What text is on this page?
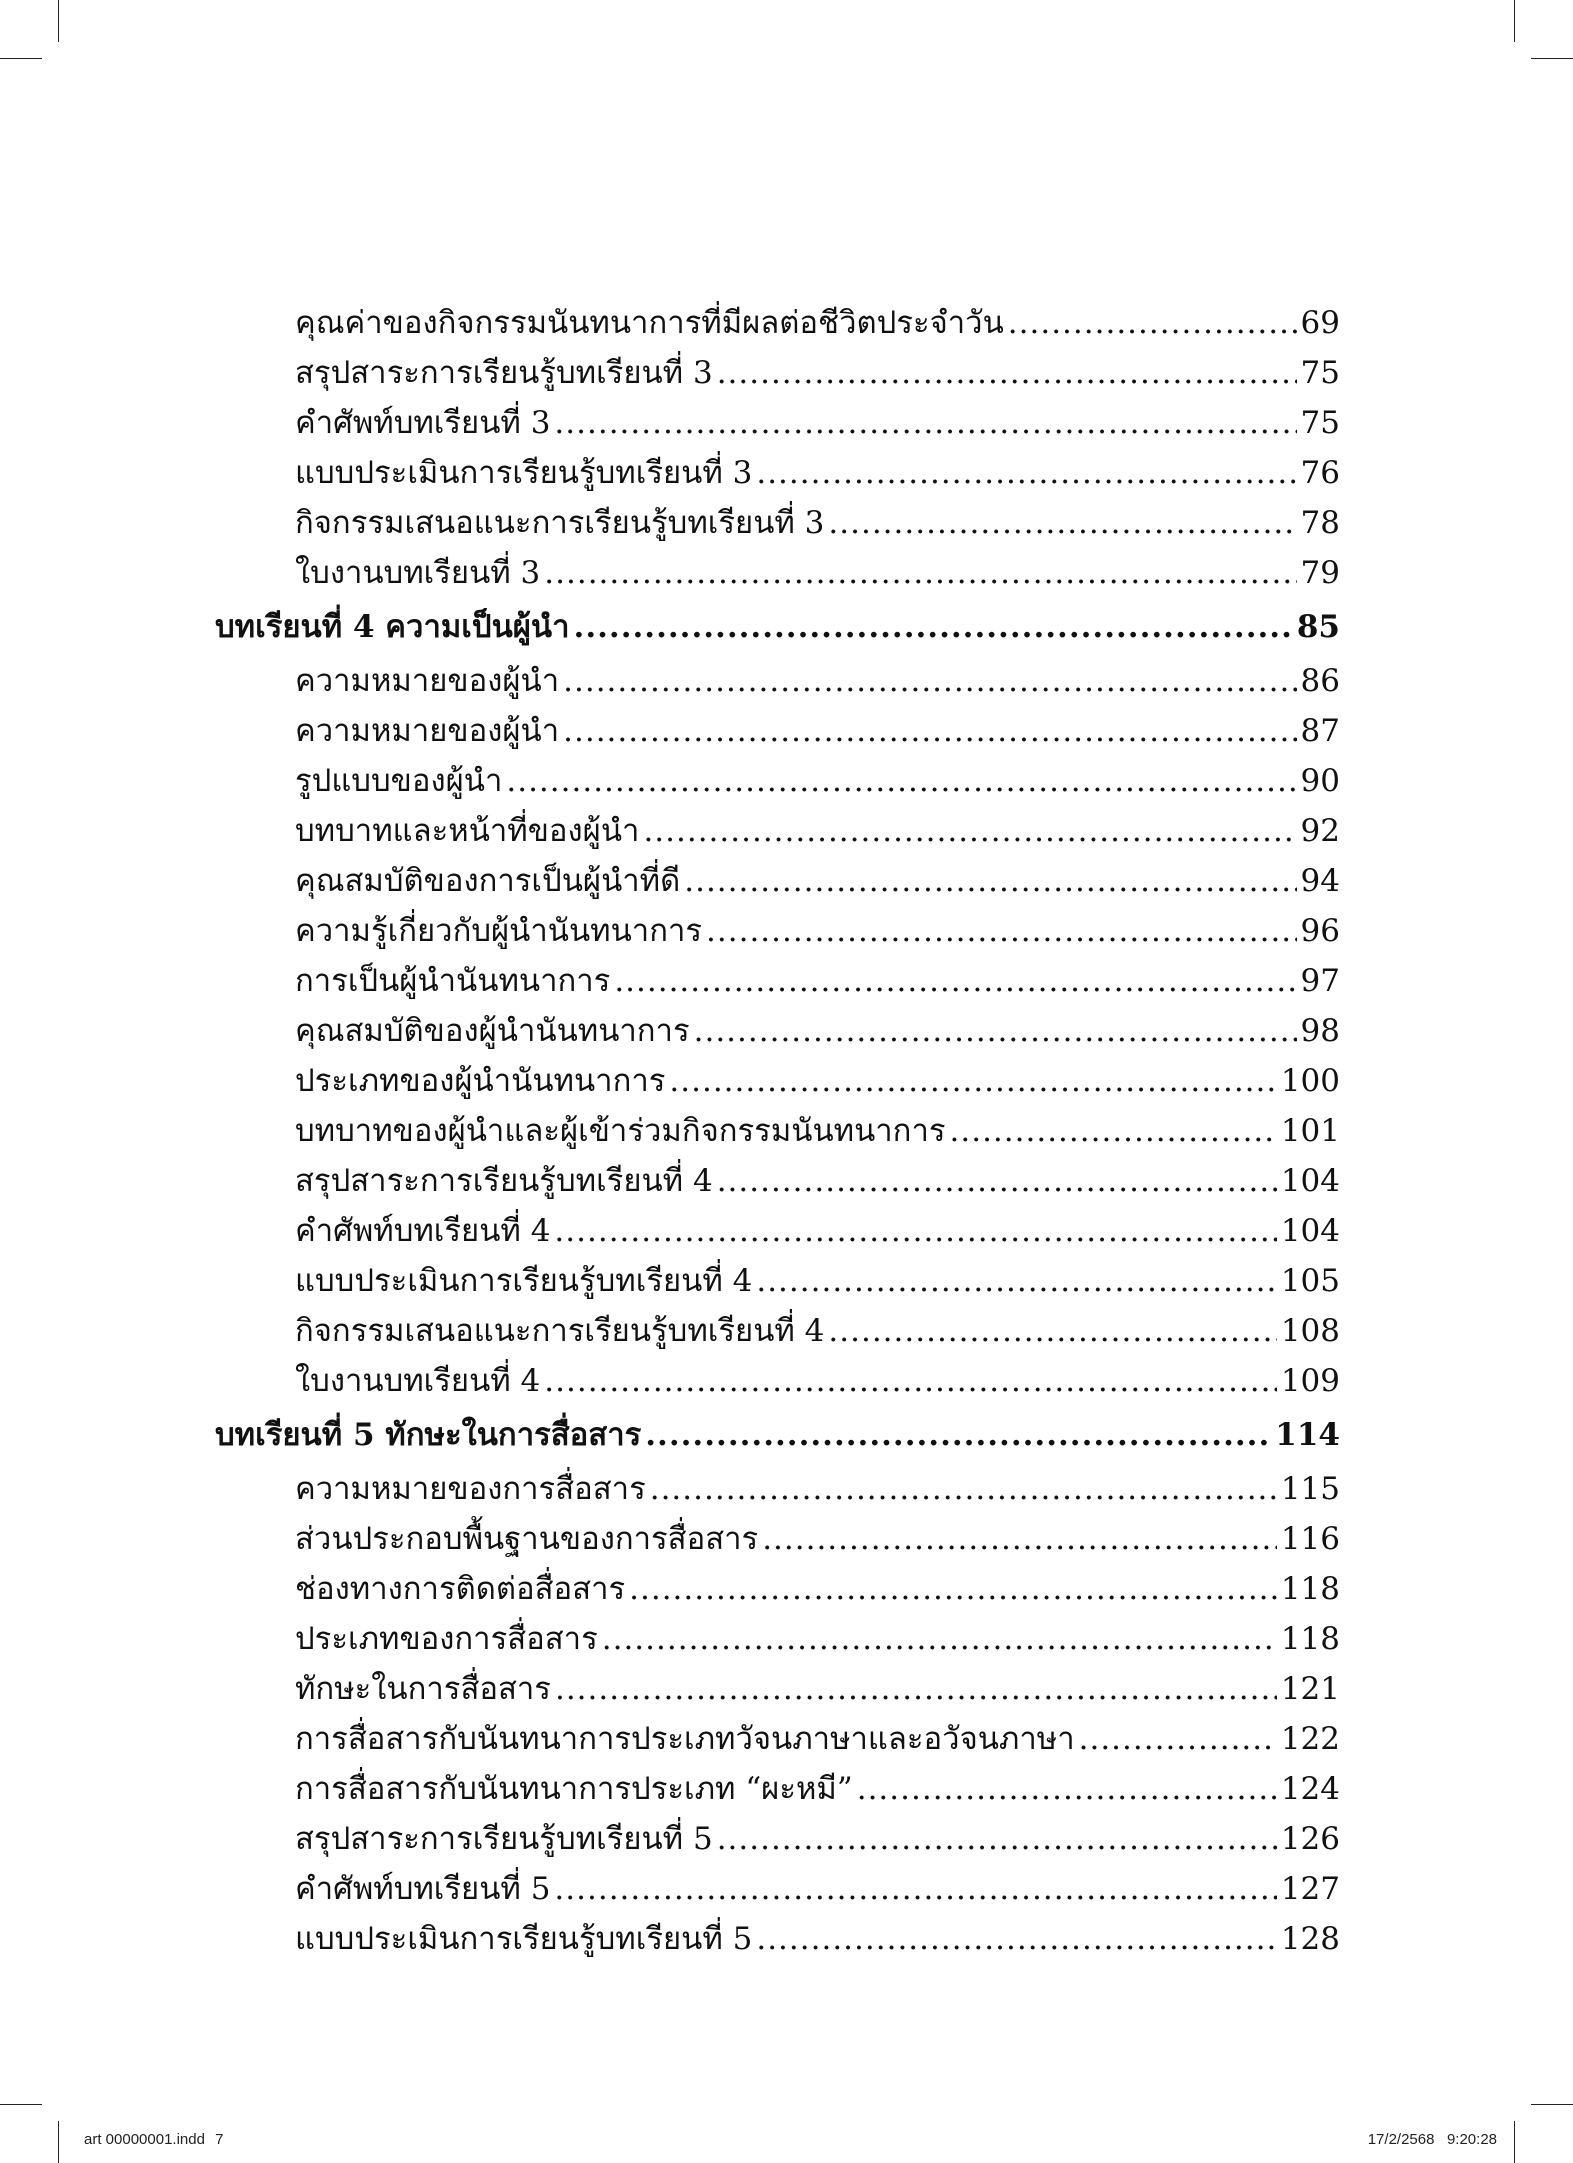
คุณค่าของกิจกรรมนันทนาการที่มีผลต่อชีวิตประจำวัน .....	69
สรุปสาระการเรียนรู้บทเรียนที่ 3 .....	75
คำศัพท์บทเรียนที่ 3 .....	75
แบบประเมินการเรียนรู้บทเรียนที่ 3 .....	76
กิจกรรมเสนอแนะการเรียนรู้บทเรียนที่ 3 .....	78
ใบงานบทเรียนที่ 3 .....	79
บทเรียนที่ 4 ความเป็นผู้นำ .....	85
ความหมายของผู้นำ .....	86
ความหมายของผู้นำ .....	87
รูปแบบของผู้นำ .....	90
บทบาทและหน้าที่ของผู้นำ .....	92
คุณสมบัติของการเป็นผู้นำที่ดี .....	94
ความรู้เกี่ยวกับผู้นำนันทนาการ .....	96
การเป็นผู้นำนันทนาการ .....	97
คุณสมบัติของผู้นำนันทนาการ .....	98
ประเภทของผู้นำนันทนาการ .....	100
บทบาทของผู้นำและผู้เข้าร่วมกิจกรรมนันทนาการ .....	101
สรุปสาระการเรียนรู้บทเรียนที่ 4 .....	104
คำศัพท์บทเรียนที่ 4 .....	104
แบบประเมินการเรียนรู้บทเรียนที่ 4 .....	105
กิจกรรมเสนอแนะการเรียนรู้บทเรียนที่ 4 .....	108
ใบงานบทเรียนที่ 4 .....	109
บทเรียนที่ 5 ทักษะในการสื่อสาร .....	114
ความหมายของการสื่อสาร .....	115
ส่วนประกอบพื้นฐานของการสื่อสาร .....	116
ช่องทางการติดต่อสื่อสาร .....	118
ประเภทของการสื่อสาร .....	118
ทักษะในการสื่อสาร .....	121
การสื่อสารกับนันทนาการประเภทวัจนภาษาและอวัจนภาษา .....	122
การสื่อสารกับนันทนาการประเภท “ผะหมี” .....	124
สรุปสาระการเรียนรู้บทเรียนที่ 5 .....	126
คำศัพท์บทเรียนที่ 5 .....	127
แบบประเมินการเรียนรู้บทเรียนที่ 5 .....	128
art 00000001.indd 7	17/2/2568   9:20:28
